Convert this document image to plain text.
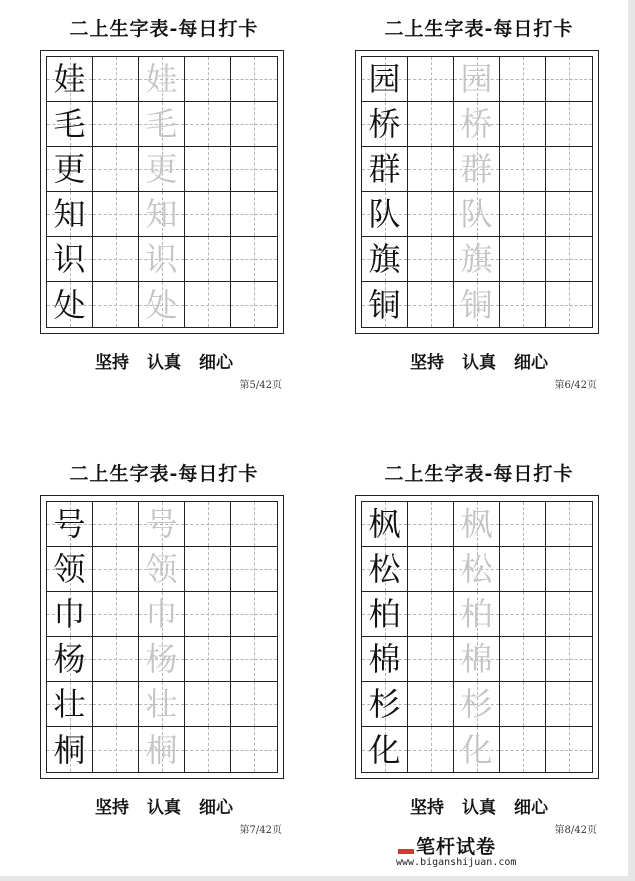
二上生字表-每日打卡
娃 娃
毛 毛
更 更
知 知
识 识
处 处
坚持 认真 细心
第5/42页
二上生字表-每日打卡
园 园
桥 桥
群 群
队 队
旗 旗
铜 铜
坚持 认真 细心
第6/42页
二上生字表-每日打卡
号 号
领 领
巾 巾
杨 杨
壮 壮
桐 桐
坚持 认真 细心
第7/42页
二上生字表-每日打卡
枫 枫
松 松
柏 柏
棉 棉
杉 杉
化 化
坚持 认真 细心
第8/42页
笔杆试卷
www.biganshijuan.com
